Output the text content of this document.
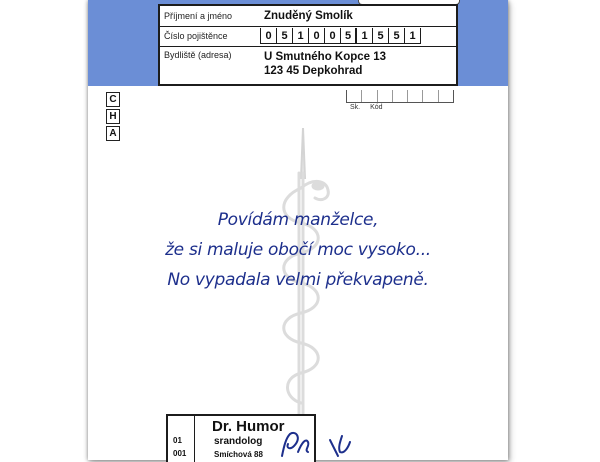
Příjmení a jméno	Znuděný Smolík
Číslo pojištěnce	0 5 1 0 0 5 1 5 5 1
Bydliště (adresa)	U Smutného Kopce 13
123 45 Depkohrad
Sk. Kód
C
H
A
Povídám manželce,
že si maluje obočí moc vysoko...
No vypadala velmi překvapeně.
01
001
Dr. Humor
srandolog
Smíchová 88
